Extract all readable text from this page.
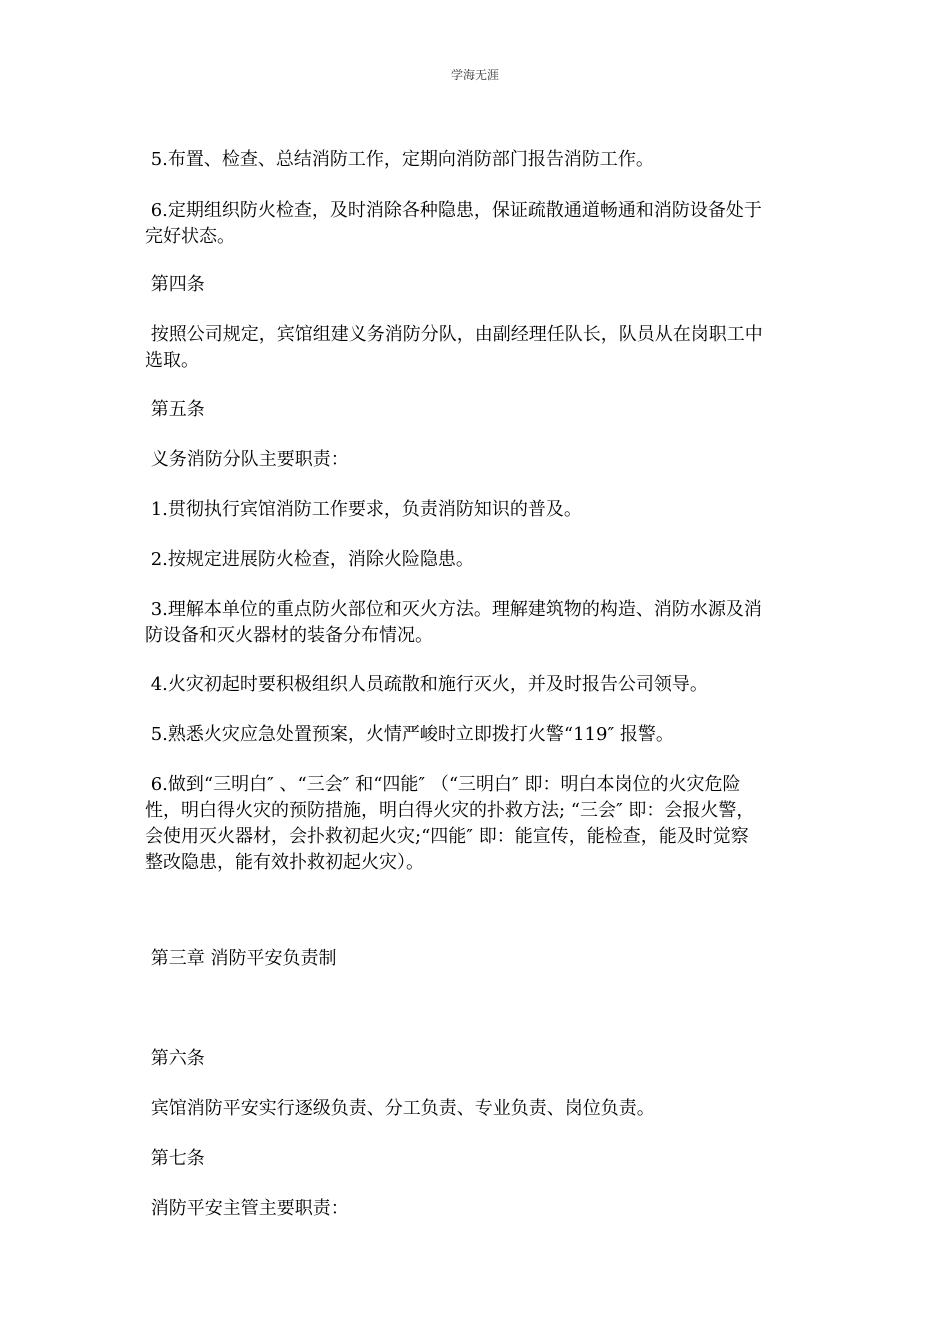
学海无涯

5.布置、检查、总结消防工作，定期向消防部门报告消防工作。

6.定期组织防火检查，及时消除各种隐患，保证疏散通道畅通和消防设备处于
完好状态。

第四条

按照公司规定，宾馆组建义务消防分队，由副经理任队长，队员从在岗职工中
选取。

第五条

义务消防分队主要职责：

1.贯彻执行宾馆消防工作要求，负责消防知识的普及。

2.按规定进展防火检查，消除火险隐患。

3.理解本单位的重点防火部位和灭火方法。理解建筑物的构造、消防水源及消
防设备和灭火器材的装备分布情况。

4.火灾初起时要积极组织人员疏散和施行灭火，并及时报告公司领导。

5.熟悉火灾应急处置预案，火情严峻时立即拨打火警“119″ 报警。

6.做到“三明白″ 、“三会″ 和“四能″ （“三明白″ 即：明白本岗位的火灾危险
性，明白得火灾的预防措施，明白得火灾的扑救方法; “三会″ 即：会报火警，
会使用灭火器材，会扑救初起火灾;“四能″ 即：能宣传，能检查，能及时觉察
整改隐患，能有效扑救初起火灾）。

第三章 消防平安负责制

第六条

宾馆消防平安实行逐级负责、分工负责、专业负责、岗位负责。

第七条

消防平安主管主要职责：
